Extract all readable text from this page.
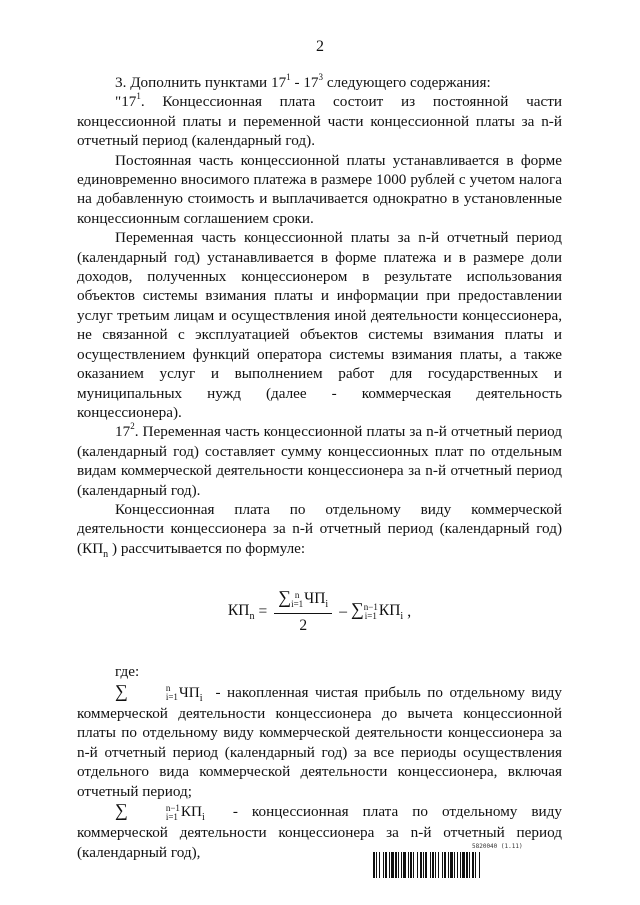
2

3. Дополнить пунктами $17^1 - 17^3$ следующего содержания:

"$17^1$. Концессионная плата состоит из постоянной части концессионной платы и переменной части концессионной платы за n-й отчетный период (календарный год).

Постоянная часть концессионной платы устанавливается в форме единовременно вносимого платежа в размере 1000 рублей с учетом налога на добавленную стоимость и выплачивается однократно в установленные концессионным соглашением сроки.

Переменная часть концессионной платы за n-й отчетный период (календарный год) устанавливается в форме платежа и в размере доли доходов, полученных концессионером в результате использования объектов системы взимания платы и информации при предоставлении услуг третьим лицам и осуществления иной деятельности концессионера, не связанной с эксплуатацией объектов системы взимания платы и осуществлением функций оператора системы взимания платы, а также оказанием услуг и выполнением работ для государственных и муниципальных нужд (далее - коммерческая деятельность концессионера).

$17^2$. Переменная часть концессионной платы за n-й отчетный период (календарный год) составляет сумму концессионных плат по отдельным видам коммерческой деятельности концессионера за n-й отчетный период (календарный год).

Концессионная плата по отдельному виду коммерческой деятельности концессионера за n-й отчетный период (календарный год) ($КП_n$ ) рассчитывается по формуле:

$КП_n$ = ∑ n
i=1 $ЧП_i$
2 – ∑ n−1
i=1 $КП_i$ ,

где:

∑	n
i=1 $ЧП_i$ - накопленная чистая прибыль по отдельному виду коммерческой деятельности концессионера до вычета концессионной платы по отдельному виду коммерческой деятельности концессионера за n-й отчетный период (календарный год) за все периоды осуществления отдельного вида коммерческой деятельности концессионера, включая отчетный период;

∑	n−1
i=1 $КП_i$ - концессионная плата по отдельному виду коммерческой деятельности концессионера за n-й отчетный период (календарный год),	5820040 (1.11)
